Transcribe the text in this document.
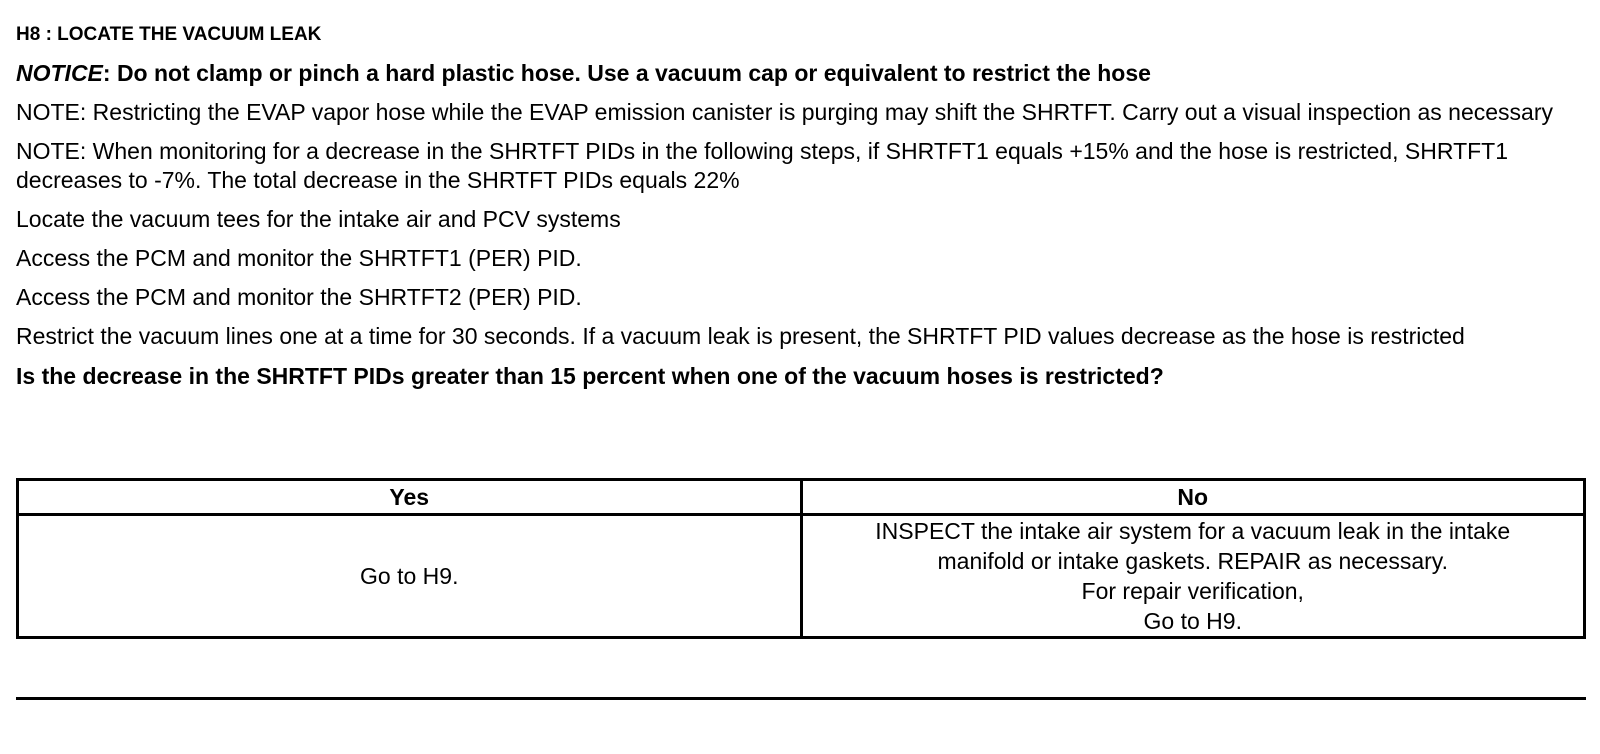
H8 : LOCATE THE VACUUM LEAK
NOTICE: Do not clamp or pinch a hard plastic hose. Use a vacuum cap or equivalent to restrict the hose
NOTE: Restricting the EVAP vapor hose while the EVAP emission canister is purging may shift the SHRTFT. Carry out a visual inspection as necessary
NOTE: When monitoring for a decrease in the SHRTFT PIDs in the following steps, if SHRTFT1 equals +15% and the hose is restricted, SHRTFT1 decreases to -7%. The total decrease in the SHRTFT PIDs equals 22%
Locate the vacuum tees for the intake air and PCV systems
Access the PCM and monitor the SHRTFT1 (PER) PID.
Access the PCM and monitor the SHRTFT2 (PER) PID.
Restrict the vacuum lines one at a time for 30 seconds. If a vacuum leak is present, the SHRTFT PID values decrease as the hose is restricted
Is the decrease in the SHRTFT PIDs greater than 15 percent when one of the vacuum hoses is restricted?
Yes	No
Go to H9.	INSPECT the intake air system for a vacuum leak in the intake
manifold or intake gaskets. REPAIR as necessary.
For repair verification,
Go to H9.
